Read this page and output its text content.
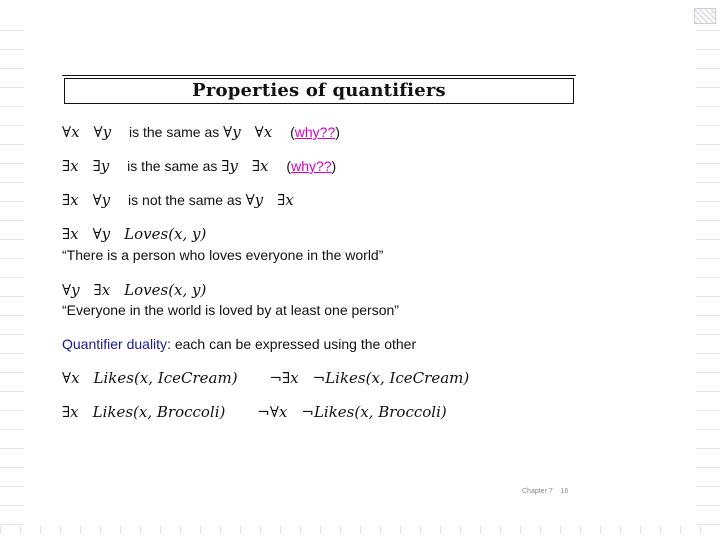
Properties of quantifiers
∀x ∀y is the same as ∀y ∀x (why??)
∃x ∃y is the same as ∃y ∃x (why??)
∃x ∀y is not the same as ∀y ∃x
∃x ∀y Loves(x, y)
“There is a person who loves everyone in the world”
∀y ∃x Loves(x, y)
“Everyone in the world is loved by at least one person”
Quantifier duality: each can be expressed using the other
∀x Likes(x, IceCream) ¬∃x ¬Likes(x, IceCream)
∃x Likes(x, Broccoli) ¬∀x ¬Likes(x, Broccoli)
Chapter 7 16
